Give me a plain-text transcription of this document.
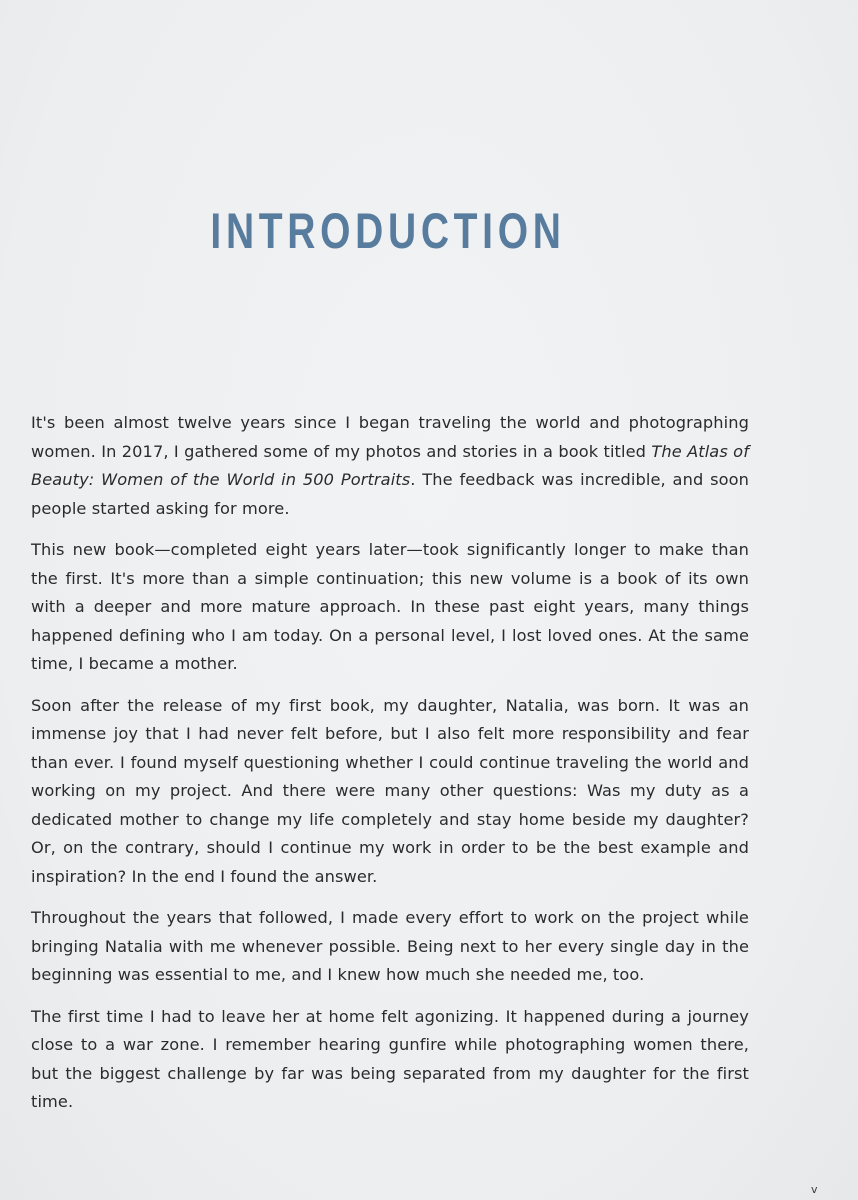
INTRODUCTION

It's been almost twelve years since I began traveling the world and photographing women. In 2017, I gathered some of my photos and stories in a book titled The Atlas of Beauty: Women of the World in 500 Portraits. The feedback was incredible, and soon people started asking for more.

This new book—completed eight years later—took significantly longer to make than the first. It's more than a simple continuation; this new volume is a book of its own with a deeper and more mature approach. In these past eight years, many things happened defining who I am today. On a personal level, I lost loved ones. At the same time, I became a mother.

Soon after the release of my first book, my daughter, Natalia, was born. It was an immense joy that I had never felt before, but I also felt more responsibility and fear than ever. I found myself questioning whether I could continue traveling the world and working on my project. And there were many other questions: Was my duty as a dedicated mother to change my life completely and stay home beside my daughter? Or, on the contrary, should I continue my work in order to be the best example and inspiration? In the end I found the answer.

Throughout the years that followed, I made every effort to work on the project while bringing Natalia with me whenever possible. Being next to her every single day in the beginning was essential to me, and I knew how much she needed me, too.

The first time I had to leave her at home felt agonizing. It happened during a journey close to a war zone. I remember hearing gunfire while photographing women there, but the biggest challenge by far was being separated from my daughter for the first time.

v
